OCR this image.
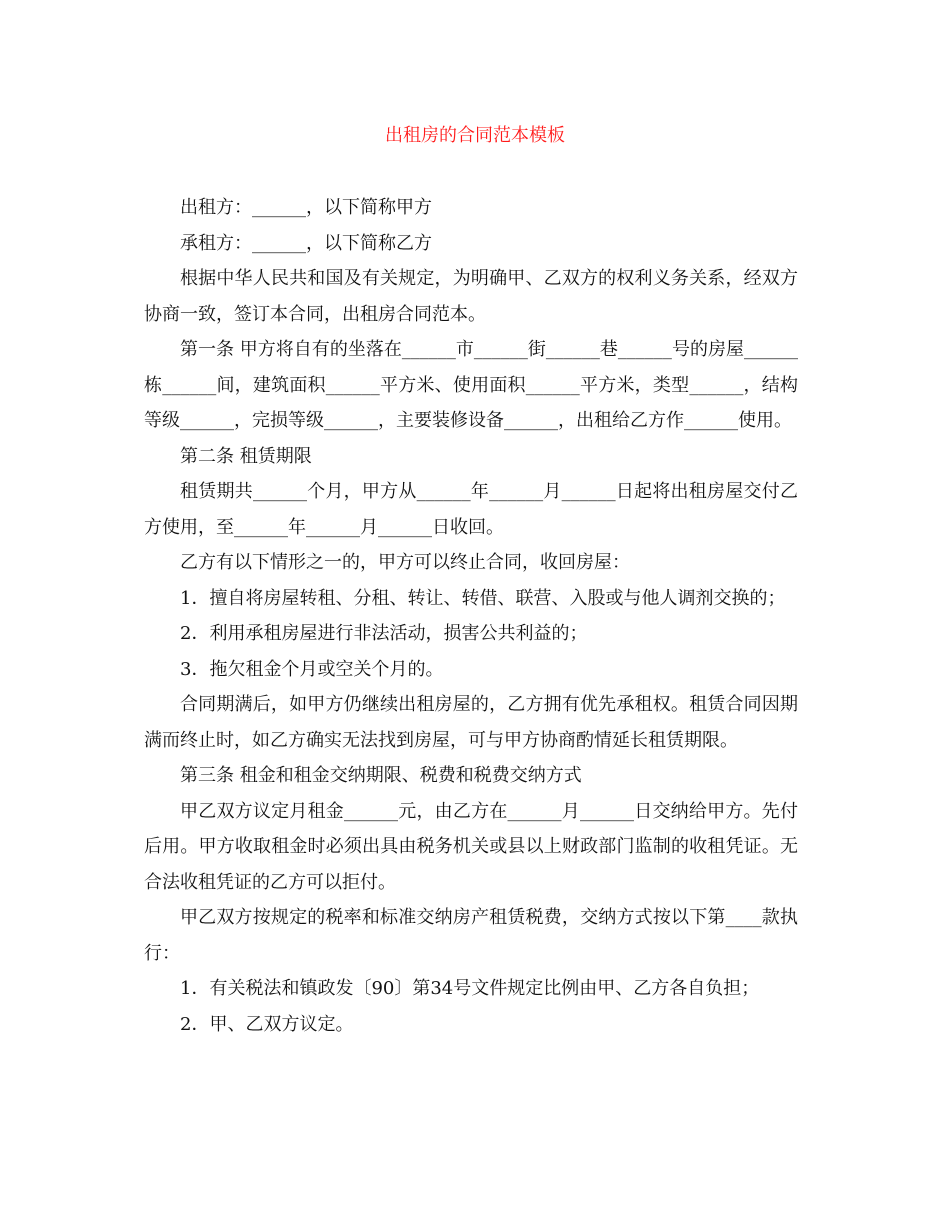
出租房的合同范本模板

出租方：______，以下简称甲方

承租方：______，以下简称乙方

根据中华人民共和国及有关规定，为明确甲、乙双方的权利义务关系，经双方协商一致，签订本合同，出租房合同范本。

第一条 甲方将自有的坐落在______市______街______巷______号的房屋______栋______间，建筑面积______平方米、使用面积______平方米，类型______，结构等级______，完损等级______，主要装修设备______，出租给乙方作______使用。

第二条 租赁期限

租赁期共______个月，甲方从______年______月______日起将出租房屋交付乙方使用，至______年______月______日收回。

乙方有以下情形之一的，甲方可以终止合同，收回房屋：

1．擅自将房屋转租、分租、转让、转借、联营、入股或与他人调剂交换的；

2．利用承租房屋进行非法活动，损害公共利益的；

3．拖欠租金个月或空关个月的。

合同期满后，如甲方仍继续出租房屋的，乙方拥有优先承租权。租赁合同因期满而终止时，如乙方确实无法找到房屋，可与甲方协商酌情延长租赁期限。

第三条 租金和租金交纳期限、税费和税费交纳方式

甲乙双方议定月租金______元，由乙方在______月______日交纳给甲方。先付后用。甲方收取租金时必须出具由税务机关或县以上财政部门监制的收租凭证。无合法收租凭证的乙方可以拒付。

甲乙双方按规定的税率和标准交纳房产租赁税费，交纳方式按以下第____款执行：

1．有关税法和镇政发〔90〕第34号文件规定比例由甲、乙方各自负担；

2．甲、乙双方议定。
